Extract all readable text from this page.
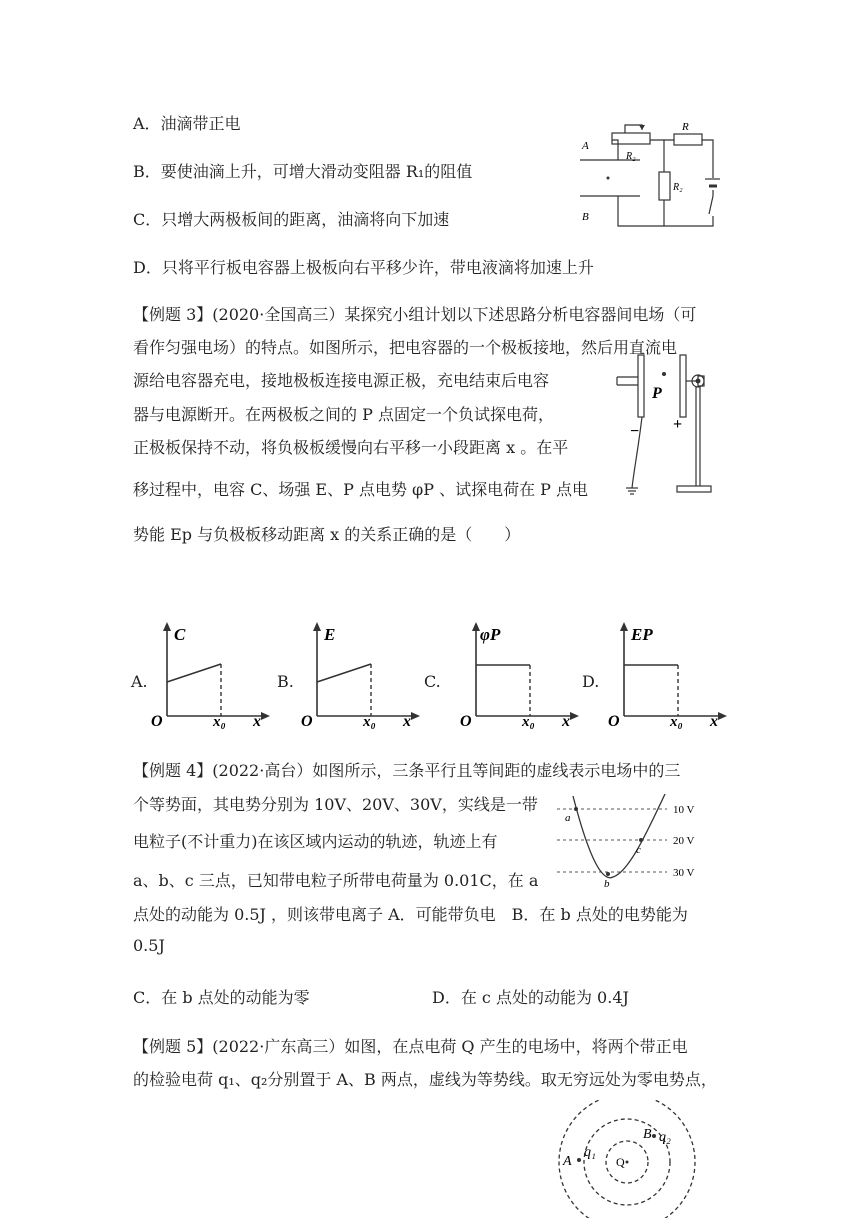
A．油滴带正电
B．要使油滴上升，可增大滑动变阻器 R₁的阻值
C．只增大两极板间的距离，油滴将向下加速
D．只将平行板电容器上极板向右平移少许，带电液滴将加速上升
【例题 3】(2020·全国高三）某探究小组计划以下述思路分析电容器间电场（可
看作匀强电场）的特点。如图所示，把电容器的一个极板接地，然后用直流电
源给电容器充电，接地极板连接电源正极，充电结束后电容
器与电源断开。在两极板之间的 P 点固定一个负试探电荷，
正极板保持不动，将负极板缓慢向右平移一小段距离 x 。在平
移过程中，电容 C、场强 E、P 点电势 φP 、试探电荷在 P 点电
势能 Ep 与负极板移动距离 x 的关系正确的是（　　）
【例题 4】(2022·高台）如图所示，三条平行且等间距的虚线表示电场中的三
个等势面，其电势分别为 10V、20V、30V，实线是一带
电粒子(不计重力)在该区域内运动的轨迹，轨迹上有
a、b、c 三点，已知带电粒子所带电荷量为 0.01C，在 a
点处的动能为 0.5J ，则该带电离子 A．可能带负电　B．在 b 点处的电势能为
0.5J
C．在 b 点处的动能为零	D．在 c 点处的动能为 0.4J
【例题 5】(2022·广东高三）如图，在点电荷 Q 产生的电场中，将两个带正电
的检验电荷 q₁、q₂分别置于 A、B 两点，虚线为等势线。取无穷远处为零电势点，
A
B
R
R₂
R₂
P
− +
A.
C
O	x₀ x
B.
E
O	x₀ x
C.
φP
O	x₀ x
D.
EP
O	x₀ x
a
c
b
10 V
20 V
30 V
A
q₁
Q
B q₂
